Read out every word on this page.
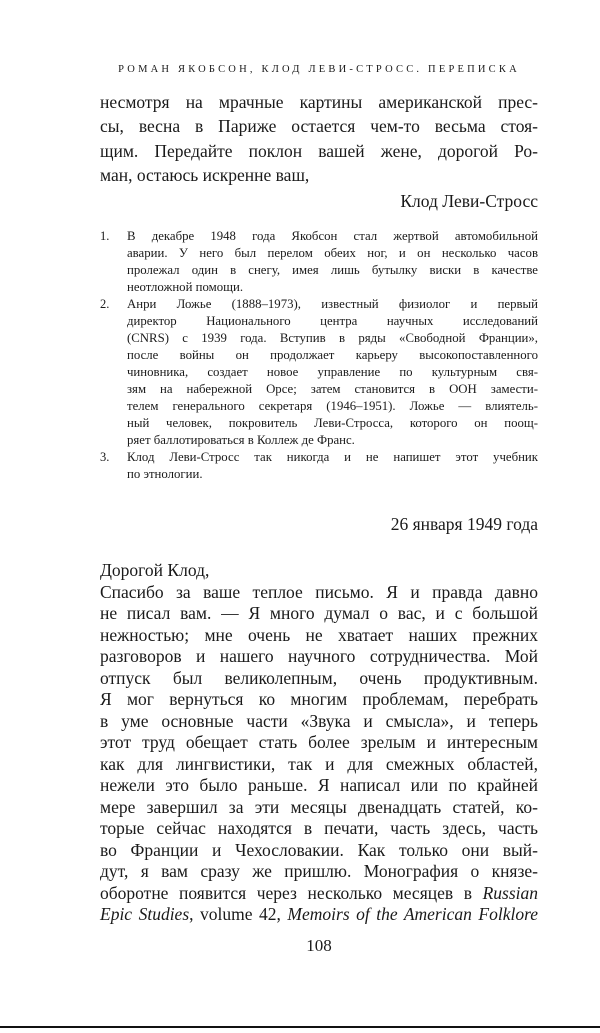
РОМАН ЯКОБСОН, КЛОД ЛЕВИ-СТРОСС. ПЕРЕПИСКА
несмотря на мрачные картины американской прес-
сы, весна в Париже остается чем-то весьма стоя-
щим. Передайте поклон вашей жене, дорогой Ро-
ман, остаюсь искренне ваш,
Клод Леви-Стросс
1. В декабре 1948 года Якобсон стал жертвой автомобильной
аварии. У него был перелом обеих ног, и он несколько часов
пролежал один в снегу, имея лишь бутылку виски в качестве
неотложной помощи.
2. Анри Ложье (1888–1973), известный физиолог и первый
директор Национального центра научных исследований
(CNRS) с 1939 года. Вступив в ряды «Свободной Франции»,
после войны он продолжает карьеру высокопоставленного
чиновника, создает новое управление по культурным свя-
зям на набережной Орсе; затем становится в ООН замести-
телем генерального секретаря (1946–1951). Ложье — влиятель-
ный человек, покровитель Леви-Стросса, которого он поощ-
ряет баллотироваться в Коллеж де Франс.
3. Клод Леви-Стросс так никогда и не напишет этот учебник
по этнологии.
26 января 1949 года
Дорогой Клод,
Спасибо за ваше теплое письмо. Я и правда давно
не писал вам. — Я много думал о вас, и с большой
нежностью; мне очень не хватает наших прежних
разговоров и нашего научного сотрудничества. Мой
отпуск был великолепным, очень продуктивным.
Я мог вернуться ко многим проблемам, перебрать
в уме основные части «Звука и смысла», и теперь
этот труд обещает стать более зрелым и интересным
как для лингвистики, так и для смежных областей,
нежели это было раньше. Я написал или по крайней
мере завершил за эти месяцы двенадцать статей, ко-
торые сейчас находятся в печати, часть здесь, часть
во Франции и Чехословакии. Как только они вый-
дут, я вам сразу же пришлю. Монография о князе-
оборотне появится через несколько месяцев в Russian
Epic Studies, volume 42, Memoirs of the American Folklore
108
